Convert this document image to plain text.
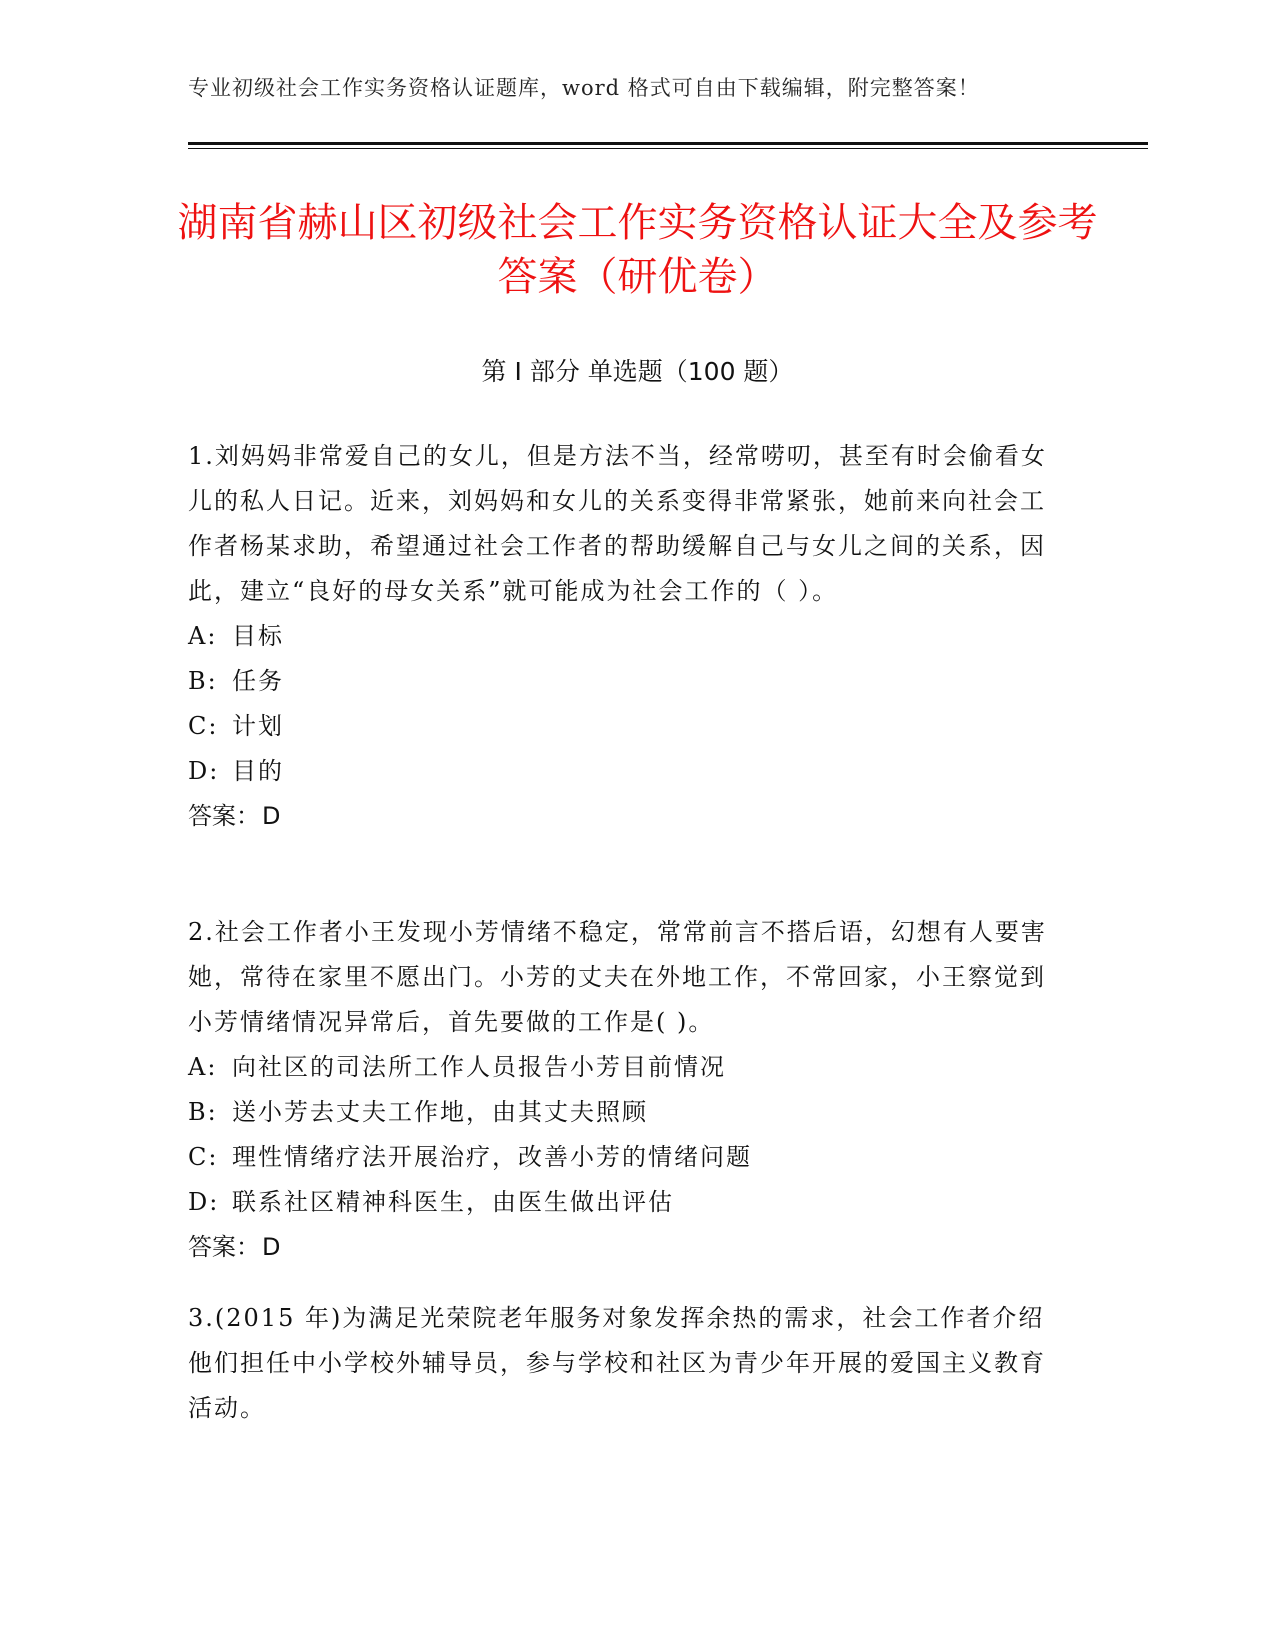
专业初级社会工作实务资格认证题库，word 格式可自由下载编辑，附完整答案！
湖南省赫山区初级社会工作实务资格认证大全及参考答案（研优卷）
第 I 部分 单选题（100 题）

1.刘妈妈非常爱自己的女儿，但是方法不当，经常唠叨，甚至有时会偷看女儿的私人日记。近来，刘妈妈和女儿的关系变得非常紧张，她前来向社会工作者杨某求助，希望通过社会工作者的帮助缓解自己与女儿之间的关系，因此，建立“良好的母女关系”就可能成为社会工作的（ ）。

A: 目标

B: 任务

C: 计划

D: 目的

答案：D

2.社会工作者小王发现小芳情绪不稳定，常常前言不搭后语，幻想有人要害她，常待在家里不愿出门。小芳的丈夫在外地工作，不常回家，小王察觉到小芳情绪情况异常后，首先要做的工作是( )。

A: 向社区的司法所工作人员报告小芳目前情况

B: 送小芳去丈夫工作地，由其丈夫照顾

C: 理性情绪疗法开展治疗，改善小芳的情绪问题

D: 联系社区精神科医生，由医生做出评估

答案：D

3.(2015 年)为满足光荣院老年服务对象发挥余热的需求，社会工作者介绍他们担任中小学校外辅导员，参与学校和社区为青少年开展的爱国主义教育活动。
